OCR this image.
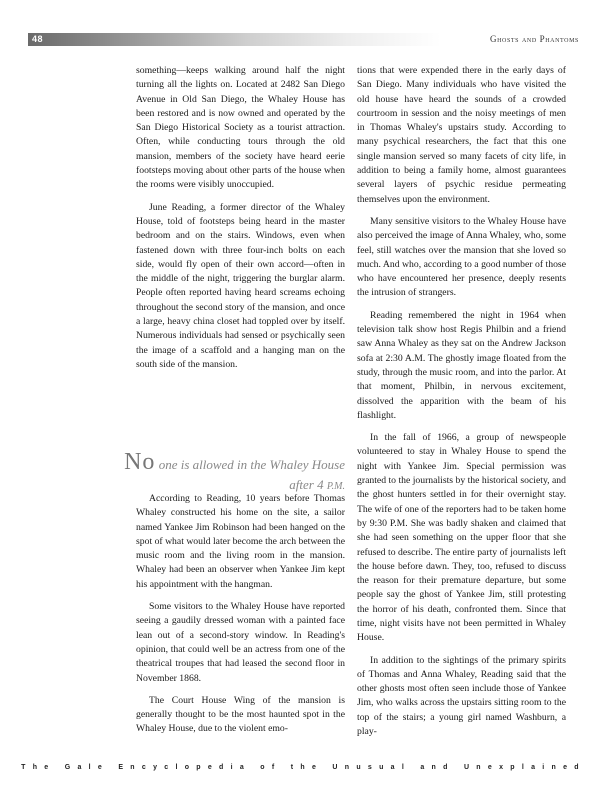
48	Ghosts and Phantoms

something—keeps walking around half the night turning all the lights on. Located at 2482 San Diego Avenue in Old San Diego, the Whaley House has been restored and is now owned and operated by the San Diego Historical Society as a tourist attraction. Often, while conducting tours through the old mansion, members of the society have heard eerie footsteps moving about other parts of the house when the rooms were visibly unoccupied.

June Reading, a former director of the Whaley House, told of footsteps being heard in the master bedroom and on the stairs. Windows, even when fastened down with three four-inch bolts on each side, would fly open of their own accord—often in the middle of the night, triggering the burglar alarm. People often reported having heard screams echoing throughout the second story of the mansion, and once a large, heavy china closet had toppled over by itself. Numerous individuals had sensed or psychically seen the image of a scaffold and a hanging man on the south side of the mansion.

No one is allowed in the Whaley House
after 4 P.M.

According to Reading, 10 years before Thomas Whaley constructed his home on the site, a sailor named Yankee Jim Robinson had been hanged on the spot of what would later become the arch between the music room and the living room in the mansion. Whaley had been an observer when Yankee Jim kept his appointment with the hangman.

Some visitors to the Whaley House have reported seeing a gaudily dressed woman with a painted face lean out of a second-story window. In Reading's opinion, that could well be an actress from one of the theatrical troupes that had leased the second floor in November 1868.

The Court House Wing of the mansion is generally thought to be the most haunted spot in the Whaley House, due to the violent emo-

tions that were expended there in the early days of San Diego. Many individuals who have visited the old house have heard the sounds of a crowded courtroom in session and the noisy meetings of men in Thomas Whaley's upstairs study. According to many psychical researchers, the fact that this one single mansion served so many facets of city life, in addition to being a family home, almost guarantees several layers of psychic residue permeating themselves upon the environment.

Many sensitive visitors to the Whaley House have also perceived the image of Anna Whaley, who, some feel, still watches over the mansion that she loved so much. And who, according to a good number of those who have encountered her presence, deeply resents the intrusion of strangers.

Reading remembered the night in 1964 when television talk show host Regis Philbin and a friend saw Anna Whaley as they sat on the Andrew Jackson sofa at 2:30 A.M. The ghostly image floated from the study, through the music room, and into the parlor. At that moment, Philbin, in nervous excitement, dissolved the apparition with the beam of his flashlight.

In the fall of 1966, a group of newspeople volunteered to stay in Whaley House to spend the night with Yankee Jim. Special permission was granted to the journalists by the historical society, and the ghost hunters settled in for their overnight stay. The wife of one of the reporters had to be taken home by 9:30 P.M. She was badly shaken and claimed that she had seen something on the upper floor that she refused to describe. The entire party of journalists left the house before dawn. They, too, refused to discuss the reason for their premature departure, but some people say the ghost of Yankee Jim, still protesting the horror of his death, confronted them. Since that time, night visits have not been permitted in Whaley House.

In addition to the sightings of the primary spirits of Thomas and Anna Whaley, Reading said that the other ghosts most often seen include those of Yankee Jim, who walks across the upstairs sitting room to the top of the stairs; a young girl named Washburn, a play-

The Gale Encyclopedia of the Unusual and Unexplained
